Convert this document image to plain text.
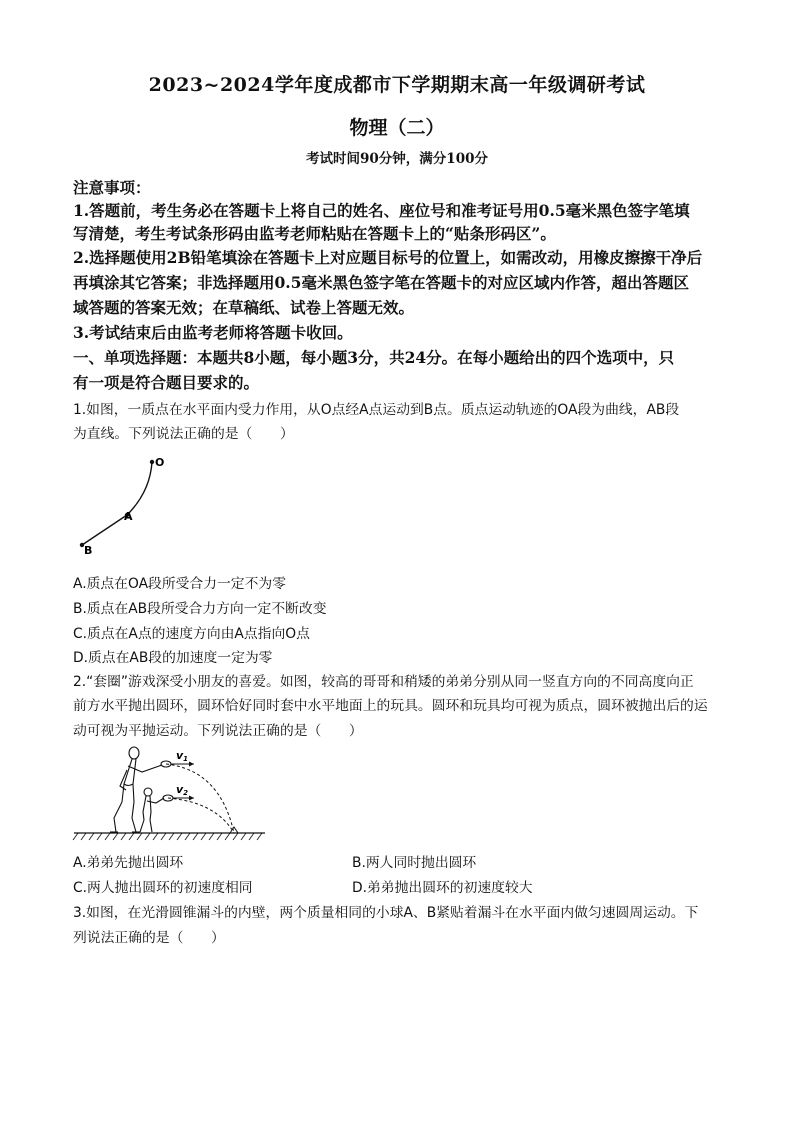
2023~2024学年度成都市下学期期末高一年级调研考试
物理（二）
考试时间90分钟，满分100分
注意事项：
1.答题前，考生务必在答题卡上将自己的姓名、座位号和准考证号用0.5毫米黑色签字笔填
写清楚，考生考试条形码由监考老师粘贴在答题卡上的“贴条形码区”。
2.选择题使用2B铅笔填涂在答题卡上对应题目标号的位置上，如需改动，用橡皮擦擦干净后
再填涂其它答案；非选择题用0.5毫米黑色签字笔在答题卡的对应区域内作答，超出答题区
域答题的答案无效；在草稿纸、试卷上答题无效。
3.考试结束后由监考老师将答题卡收回。
一、单项选择题：本题共8小题，每小题3分，共24分。在每小题给出的四个选项中，只
有一项是符合题目要求的。
1.如图，一质点在水平面内受力作用，从O点经A点运动到B点。质点运动轨迹的OA段为曲线，AB段
为直线。下列说法正确的是（　　）
O
A
B
A.质点在OA段所受合力一定不为零
B.质点在AB段所受合力方向一定不断改变
C.质点在A点的速度方向由A点指向O点
D.质点在AB段的加速度一定为零
2.“套圈”游戏深受小朋友的喜爱。如图，较高的哥哥和稍矮的弟弟分别从同一竖直方向的不同高度向正
前方水平抛出圆环，圆环恰好同时套中水平地面上的玩具。圆环和玩具均可视为质点，圆环被抛出后的运
动可视为平抛运动。下列说法正确的是（　　）
v1
v2
A.弟弟先抛出圆环	B.两人同时抛出圆环
C.两人抛出圆环的初速度相同	D.弟弟抛出圆环的初速度较大
3.如图，在光滑圆锥漏斗的内壁，两个质量相同的小球A、B紧贴着漏斗在水平面内做匀速圆周运动。下
列说法正确的是（　　）
